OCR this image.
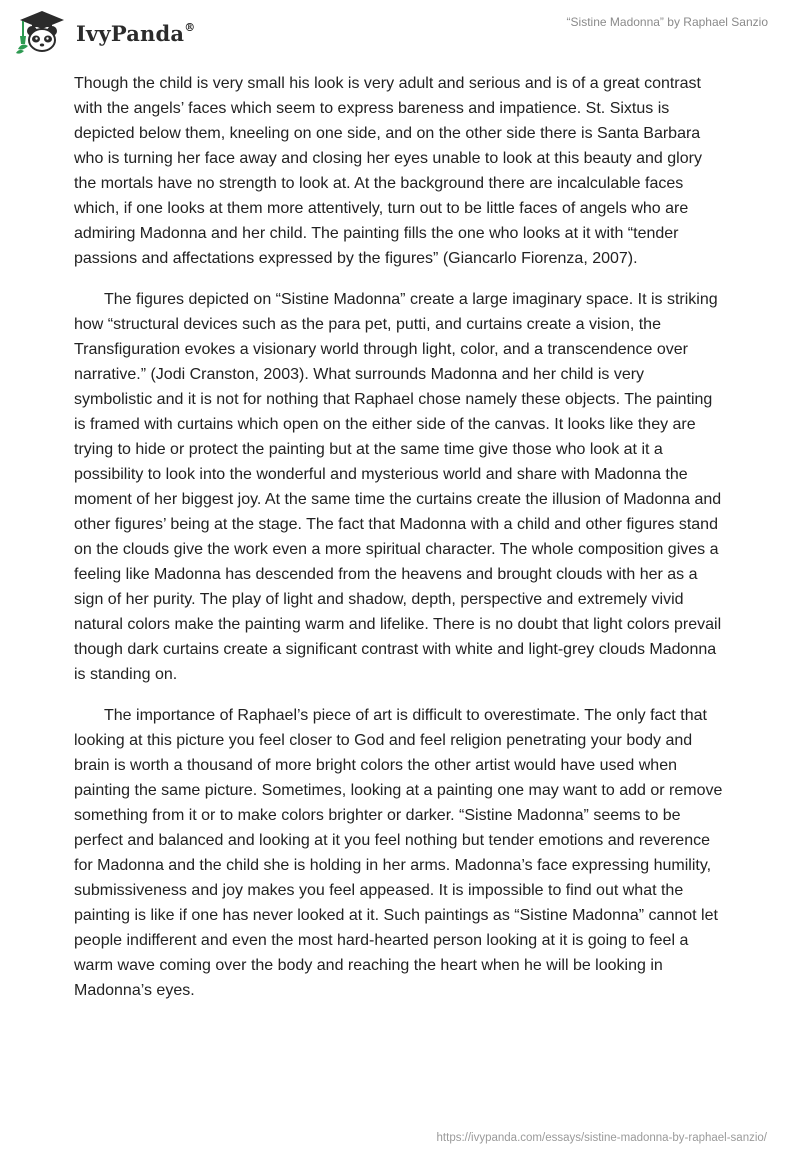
IvyPanda®	“Sistine Madonna” by Raphael Sanzio

Though the child is very small his look is very adult and serious and is of a great contrast with the angels’ faces which seem to express bareness and impatience. St. Sixtus is depicted below them, kneeling on one side, and on the other side there is Santa Barbara who is turning her face away and closing her eyes unable to look at this beauty and glory the mortals have no strength to look at. At the background there are incalculable faces which, if one looks at them more attentively, turn out to be little faces of angels who are admiring Madonna and her child. The painting fills the one who looks at it with “tender passions and affectations expressed by the figures” (Giancarlo Fiorenza, 2007).

The figures depicted on “Sistine Madonna” create a large imaginary space. It is striking how “structural devices such as the para pet, putti, and curtains create a vision, the Transfiguration evokes a visionary world through light, color, and a transcendence over narrative.” (Jodi Cranston, 2003). What surrounds Madonna and her child is very symbolistic and it is not for nothing that Raphael chose namely these objects. The painting is framed with curtains which open on the either side of the canvas. It looks like they are trying to hide or protect the painting but at the same time give those who look at it a possibility to look into the wonderful and mysterious world and share with Madonna the moment of her biggest joy. At the same time the curtains create the illusion of Madonna and other figures’ being at the stage. The fact that Madonna with a child and other figures stand on the clouds give the work even a more spiritual character. The whole composition gives a feeling like Madonna has descended from the heavens and brought clouds with her as a sign of her purity. The play of light and shadow, depth, perspective and extremely vivid natural colors make the painting warm and lifelike. There is no doubt that light colors prevail though dark curtains create a significant contrast with white and light-grey clouds Madonna is standing on.

The importance of Raphael’s piece of art is difficult to overestimate. The only fact that looking at this picture you feel closer to God and feel religion penetrating your body and brain is worth a thousand of more bright colors the other artist would have used when painting the same picture. Sometimes, looking at a painting one may want to add or remove something from it or to make colors brighter or darker. “Sistine Madonna” seems to be perfect and balanced and looking at it you feel nothing but tender emotions and reverence for Madonna and the child she is holding in her arms. Madonna’s face expressing humility, submissiveness and joy makes you feel appeased. It is impossible to find out what the painting is like if one has never looked at it. Such paintings as “Sistine Madonna” cannot let people indifferent and even the most hard-hearted person looking at it is going to feel a warm wave coming over the body and reaching the heart when he will be looking in Madonna’s eyes.

https://ivypanda.com/essays/sistine-madonna-by-raphael-sanzio/
